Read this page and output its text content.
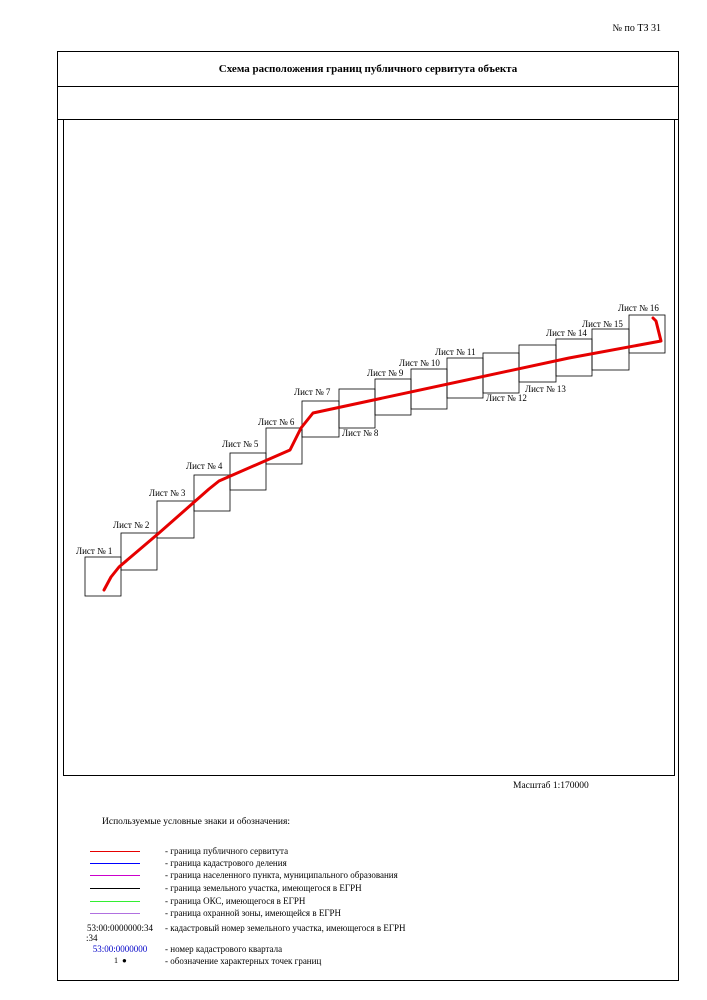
№ по ТЗ 31
Схема расположения границ публичного сервитута объекта
Лист № 1
Лист № 2
Лист № 3
Лист № 4
Лист № 5
Лист № 6
Лист № 7
Лист № 8
Лист № 9
Лист № 10
Лист № 11
Лист № 12
Лист № 13
Лист № 14
Лист № 15
Лист № 16
Масштаб 1:170000
Используемые условные знаки и обозначения:
- граница публичного сервитута
- граница кадастрового деления
- граница населенного пункта, муниципального образования
- граница земельного участка, имеющегося в ЕГРН
- граница ОКС, имеющегося в ЕГРН
- граница охранной зоны, имеющейся в ЕГРН
53:00:0000000:34
:34
- кадастровый номер земельного участка, имеющегося в ЕГРН
53:00:0000000	- номер кадастрового квартала
1 ●	- обозначение характерных точек границ
